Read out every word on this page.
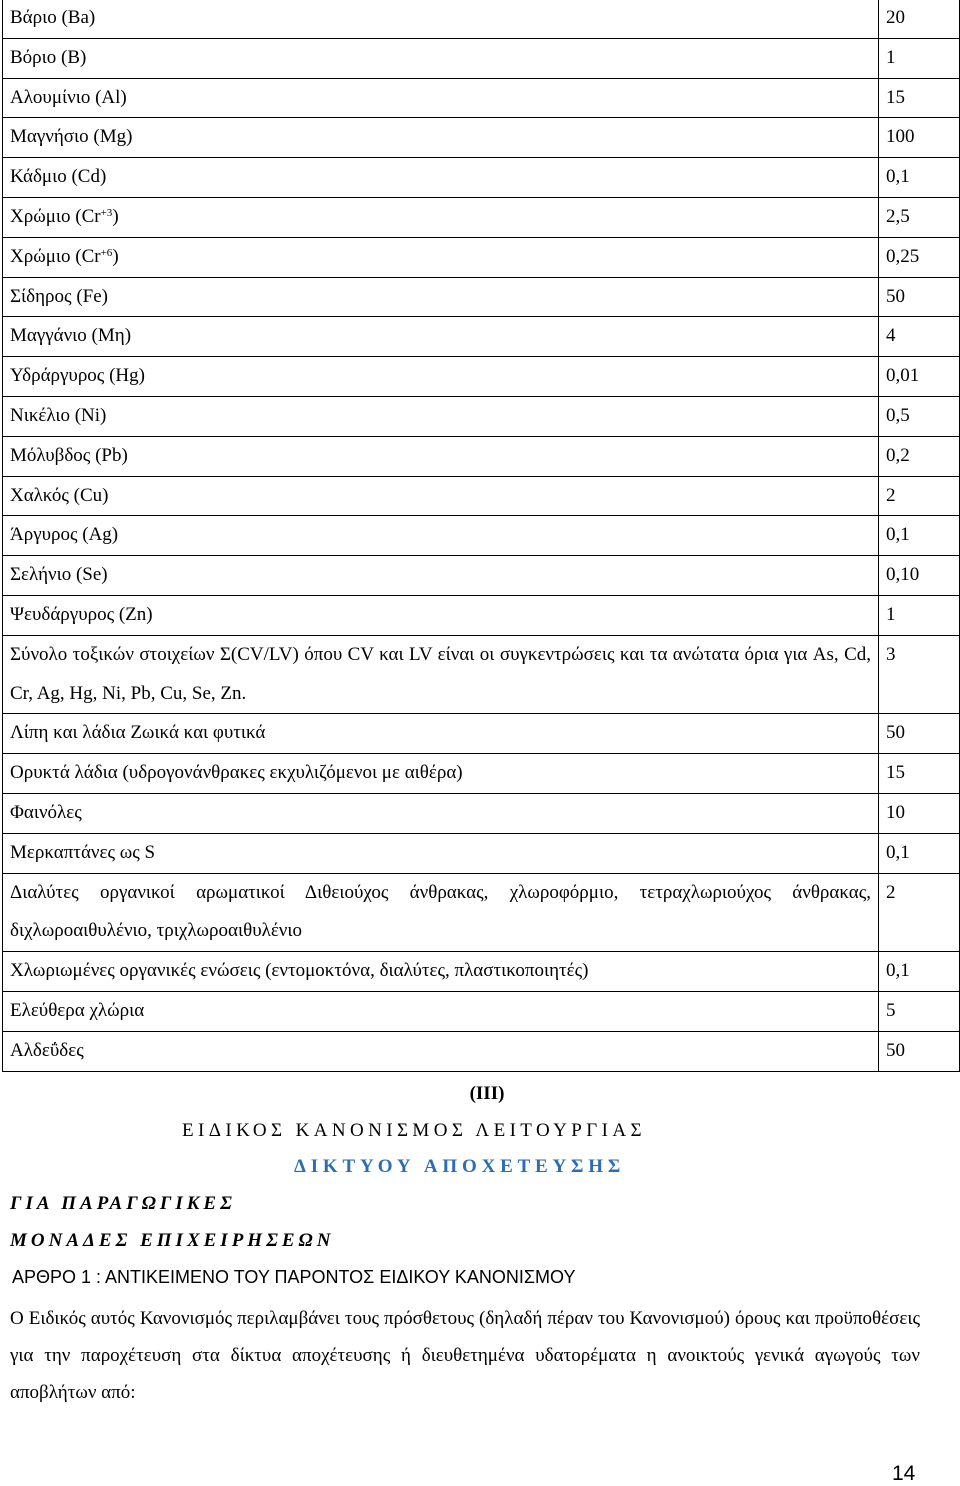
Βάριο (Βa)	20
Βόριο (Β)	1
Αλουμίνιο (Al)	15
Μαγνήσιο (Mg)	100
Κάδμιο (Cd)	0,1
Χρώμιο $(Cr^{+3})$	2,5
Χρώμιο $(Cr^{+6})$	0,25
Σίδηρος (Fe)	50
Μαγγάνιο (Mη)	4
Υδράργυρος (Hg)	0,01
Νικέλιο (Ni)	0,5
Μόλυβδος (Pb)	0,2
Χαλκός (Cu)	2
Άργυρος (Ag)	0,1
Σελήνιο (Se)	0,10
Ψευδάργυρος (Zn)	1
Σύνολο τοξικών στοιχείων Σ(CV/LV) όπου CV και LV είναι οι συγκεντρώσεις και τα ανώτατα όρια για As, Cd, Cr, Ag, Hg, Ni, Pb, Cu, Se, Zn.	3
Λίπη και λάδια Ζωικά και φυτικά	50
Ορυκτά λάδια (υδρογονάνθρακες εκχυλιζόμενοι με αιθέρα)	15
Φαινόλες	10
Μερκαπτάνες ως S	0,1
Διαλύτες οργανικοί αρωματικοί Διθειούχος άνθρακας, χλωροφόρμιο, τετραχλωριούχος άνθρακας, διχλωροαιθυλένιο, τριχλωροαιθυλένιο	2
Χλωριωμένες οργανικές ενώσεις (εντομοκτόνα, διαλύτες, πλαστικοποιητές)	0,1
Ελεύθερα χλώρια	5
Αλδεΰδες	50
(ΙΙΙ)
ΕΙΔΙΚΟΣ ΚΑΝΟΝΙΣΜΟΣ ΛΕΙΤΟΥΡΓΙΑΣ
ΔΙΚΤΥΟΥ ΑΠΟΧΕΤΕΥΣΗΣ
ΓΙΑ ΠΑΡΑΓΩΓΙΚΕΣ
ΜΟΝΑΔΕΣ ΕΠΙΧΕΙΡΗΣΕΩΝ
ΑΡΘΡΟ 1 : ΑΝΤΙΚΕΙΜΕΝΟ ΤΟΥ ΠΑΡΟΝΤΟΣ ΕΙΔΙΚΟΥ ΚΑΝΟΝΙΣΜΟΥ
Ο Ειδικός αυτός Κανονισμός περιλαμβάνει τους πρόσθετους (δηλαδή πέραν του Κανονισμού) όρους και προϋποθέσεις για την παροχέτευση στα δίκτυα αποχέτευσης ή διευθετημένα υδατορέματα η ανοικτούς γενικά αγωγούς των αποβλήτων από:
14
